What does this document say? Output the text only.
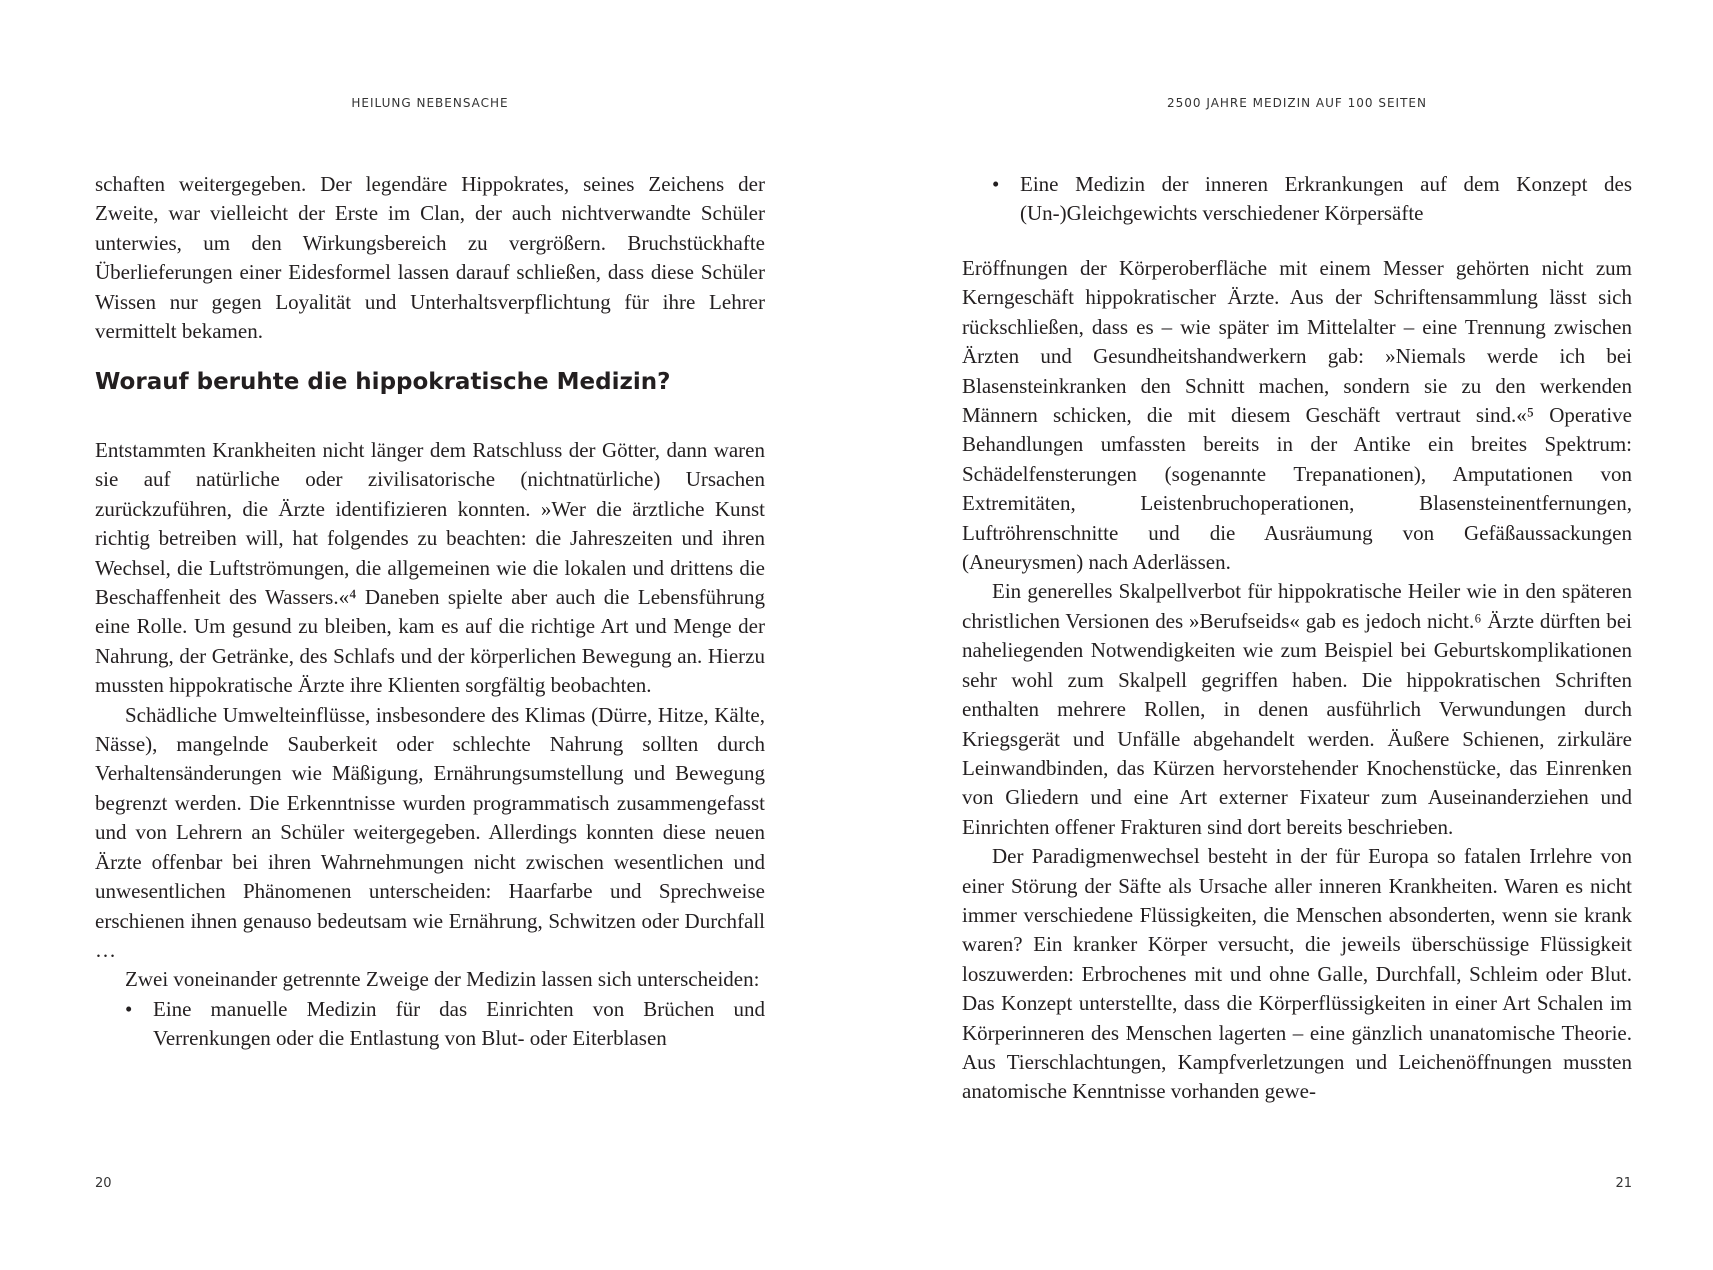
HEILUNG NEBENSACHE

schaften weitergegeben. Der legendäre Hippokrates, seines Zeichens der Zweite, war vielleicht der Erste im Clan, der auch nichtverwandte Schüler unterwies, um den Wirkungsbereich zu vergrößern. Bruchstückhafte Überlieferungen einer Eidesformel lassen darauf schließen, dass diese Schüler Wissen nur gegen Loyalität und Unterhaltsverpflichtung für ihre Lehrer vermittelt bekamen.

Worauf beruhte die hippokratische Medizin?

Entstammten Krankheiten nicht länger dem Ratschluss der Götter, dann waren sie auf natürliche oder zivilisatorische (nichtnatürliche) Ursachen zurückzuführen, die Ärzte identifizieren konnten. »Wer die ärztliche Kunst richtig betreiben will, hat folgendes zu beachten: die Jahreszeiten und ihren Wechsel, die Luftströmungen, die allgemeinen wie die lokalen und drittens die Beschaffenheit des Wassers.«⁴ Daneben spielte aber auch die Lebensführung eine Rolle. Um gesund zu bleiben, kam es auf die richtige Art und Menge der Nahrung, der Getränke, des Schlafs und der körperlichen Bewegung an. Hierzu mussten hippokratische Ärzte ihre Klienten sorgfältig beobachten.

Schädliche Umwelteinflüsse, insbesondere des Klimas (Dürre, Hitze, Kälte, Nässe), mangelnde Sauberkeit oder schlechte Nahrung sollten durch Verhaltensänderungen wie Mäßigung, Ernährungsumstellung und Bewegung begrenzt werden. Die Erkenntnisse wurden programmatisch zusammengefasst und von Lehrern an Schüler weitergegeben. Allerdings konnten diese neuen Ärzte offenbar bei ihren Wahrnehmungen nicht zwischen wesentlichen und unwesentlichen Phänomenen unterscheiden: Haarfarbe und Sprechweise erschienen ihnen genauso bedeutsam wie Ernährung, Schwitzen oder Durchfall …

Zwei voneinander getrennte Zweige der Medizin lassen sich unterscheiden:

• Eine manuelle Medizin für das Einrichten von Brüchen und Verrenkungen oder die Entlastung von Blut- oder Eiterblasen
20
2500 JAHRE MEDIZIN AUF 100 SEITEN
• Eine Medizin der inneren Erkrankungen auf dem Konzept des (Un-)Gleichgewichts verschiedener Körpersäfte

Eröffnungen der Körperoberfläche mit einem Messer gehörten nicht zum Kerngeschäft hippokratischer Ärzte. Aus der Schriftensammlung lässt sich rückschließen, dass es – wie später im Mittelalter – eine Trennung zwischen Ärzten und Gesundheitshandwerkern gab: »Niemals werde ich bei Blasensteinkranken den Schnitt machen, sondern sie zu den werkenden Männern schicken, die mit diesem Geschäft vertraut sind.«⁵ Operative Behandlungen umfassten bereits in der Antike ein breites Spektrum: Schädelfensterungen (sogenannte Trepanationen), Amputationen von Extremitäten, Leistenbruchoperationen, Blasensteinentfernungen, Luftröhrenschnitte und die Ausräumung von Gefäßaussackungen (Aneurysmen) nach Aderlässen.

Ein generelles Skalpellverbot für hippokratische Heiler wie in den späteren christlichen Versionen des »Berufseids« gab es jedoch nicht.⁶ Ärzte dürften bei naheliegenden Notwendigkeiten wie zum Beispiel bei Geburtskomplikationen sehr wohl zum Skalpell gegriffen haben. Die hippokratischen Schriften enthalten mehrere Rollen, in denen ausführlich Verwundungen durch Kriegsgerät und Unfälle abgehandelt werden. Äußere Schienen, zirkuläre Leinwandbinden, das Kürzen hervorstehender Knochenstücke, das Einrenken von Gliedern und eine Art externer Fixateur zum Auseinanderziehen und Einrichten offener Frakturen sind dort bereits beschrieben.

Der Paradigmenwechsel besteht in der für Europa so fatalen Irrlehre von einer Störung der Säfte als Ursache aller inneren Krankheiten. Waren es nicht immer verschiedene Flüssigkeiten, die Menschen absonderten, wenn sie krank waren? Ein kranker Körper versucht, die jeweils überschüssige Flüssigkeit loszuwerden: Erbrochenes mit und ohne Galle, Durchfall, Schleim oder Blut. Das Konzept unterstellte, dass die Körperflüssigkeiten in einer Art Schalen im Körperinneren des Menschen lagerten – eine gänzlich unanatomische Theorie. Aus Tierschlachtungen, Kampfverletzungen und Leichenöffnungen mussten anatomische Kenntnisse vorhanden gewe-

21
